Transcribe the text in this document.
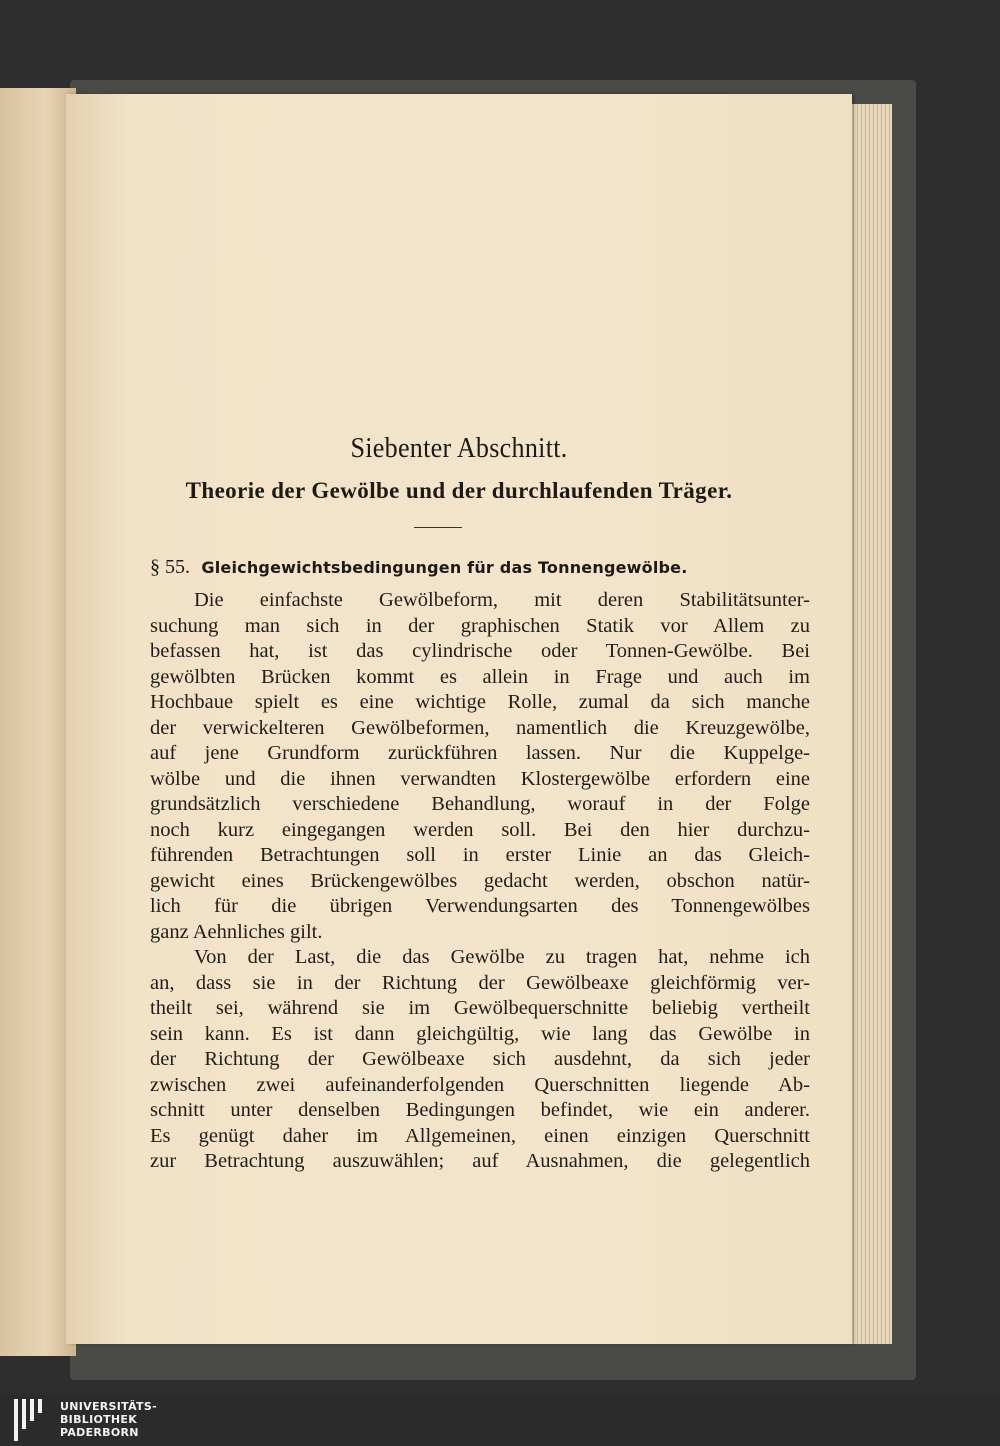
Siebenter Abschnitt.
Theorie der Gewölbe und der durchlaufenden Träger.
§ 55. Gleichgewichtsbedingungen für das Tonnengewölbe.
Die einfachste Gewölbeform, mit deren Stabilitätsunter-
suchung man sich in der graphischen Statik vor Allem zu
befassen hat, ist das cylindrische oder Tonnen-Gewölbe. Bei
gewölbten Brücken kommt es allein in Frage und auch im
Hochbaue spielt es eine wichtige Rolle, zumal da sich manche
der verwickelteren Gewölbeformen, namentlich die Kreuzgewölbe,
auf jene Grundform zurückführen lassen. Nur die Kuppelge-
wölbe und die ihnen verwandten Klostergewölbe erfordern eine
grundsätzlich verschiedene Behandlung, worauf in der Folge
noch kurz eingegangen werden soll. Bei den hier durchzu-
führenden Betrachtungen soll in erster Linie an das Gleich-
gewicht eines Brückengewölbes gedacht werden, obschon natür-
lich für die übrigen Verwendungsarten des Tonnengewölbes
ganz Aehnliches gilt.
Von der Last, die das Gewölbe zu tragen hat, nehme ich
an, dass sie in der Richtung der Gewölbeaxe gleichförmig ver-
theilt sei, während sie im Gewölbequerschnitte beliebig vertheilt
sein kann. Es ist dann gleichgültig, wie lang das Gewölbe in
der Richtung der Gewölbeaxe sich ausdehnt, da sich jeder
zwischen zwei aufeinanderfolgenden Querschnitten liegende Ab-
schnitt unter denselben Bedingungen befindet, wie ein anderer.
Es genügt daher im Allgemeinen, einen einzigen Querschnitt
zur Betrachtung auszuwählen; auf Ausnahmen, die gelegentlich
UNIVERSITÄTS-
BIBLIOTHEK
PADERBORN
